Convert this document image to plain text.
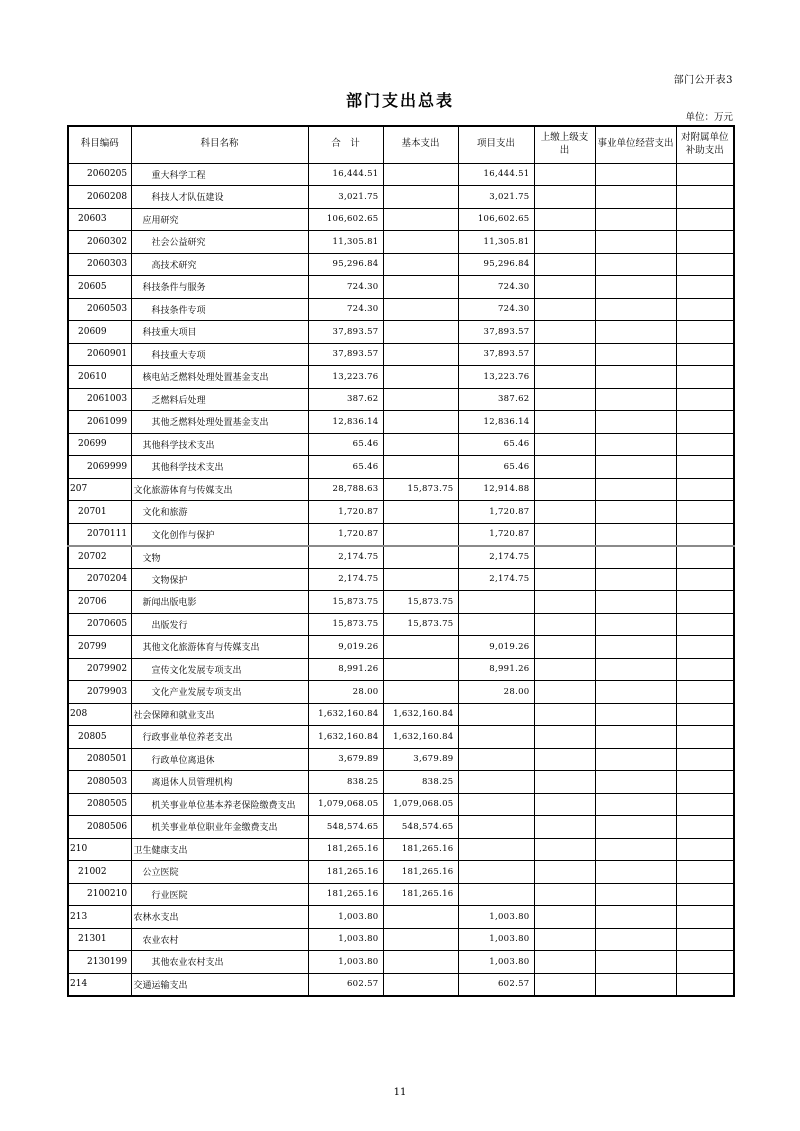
部门公开表3
部门支出总表
单位：万元
科目编码	科目名称	合　计	基本支出	项目支出	上缴上级支出	事业单位经营支出	对附属单位补助支出
2060205	重大科学工程	16,444.51		16,444.51			
2060208	科技人才队伍建设	3,021.75		3,021.75			
20603	应用研究	106,602.65		106,602.65			
2060302	社会公益研究	11,305.81		11,305.81			
2060303	高技术研究	95,296.84		95,296.84			
20605	科技条件与服务	724.30		724.30			
2060503	科技条件专项	724.30		724.30			
20609	科技重大项目	37,893.57		37,893.57			
2060901	科技重大专项	37,893.57		37,893.57			
20610	核电站乏燃料处理处置基金支出	13,223.76		13,223.76			
2061003	乏燃料后处理	387.62		387.62			
2061099	其他乏燃料处理处置基金支出	12,836.14		12,836.14			
20699	其他科学技术支出	65.46		65.46			
2069999	其他科学技术支出	65.46		65.46			
207	文化旅游体育与传媒支出	28,788.63	15,873.75	12,914.88			
20701	文化和旅游	1,720.87		1,720.87			
2070111	文化创作与保护	1,720.87		1,720.87			
20702	文物	2,174.75		2,174.75			
2070204	文物保护	2,174.75		2,174.75			
20706	新闻出版电影	15,873.75	15,873.75				
2070605	出版发行	15,873.75	15,873.75				
20799	其他文化旅游体育与传媒支出	9,019.26		9,019.26			
2079902	宣传文化发展专项支出	8,991.26		8,991.26			
2079903	文化产业发展专项支出	28.00		28.00			
208	社会保障和就业支出	1,632,160.84	1,632,160.84				
20805	行政事业单位养老支出	1,632,160.84	1,632,160.84				
2080501	行政单位离退休	3,679.89	3,679.89				
2080503	离退休人员管理机构	838.25	838.25				
2080505	机关事业单位基本养老保险缴费支出	1,079,068.05	1,079,068.05				
2080506	机关事业单位职业年金缴费支出	548,574.65	548,574.65				
210	卫生健康支出	181,265.16	181,265.16				
21002	公立医院	181,265.16	181,265.16				
2100210	行业医院	181,265.16	181,265.16				
213	农林水支出	1,003.80		1,003.80			
21301	农业农村	1,003.80		1,003.80			
2130199	其他农业农村支出	1,003.80		1,003.80			
214	交通运输支出	602.57		602.57			
11
